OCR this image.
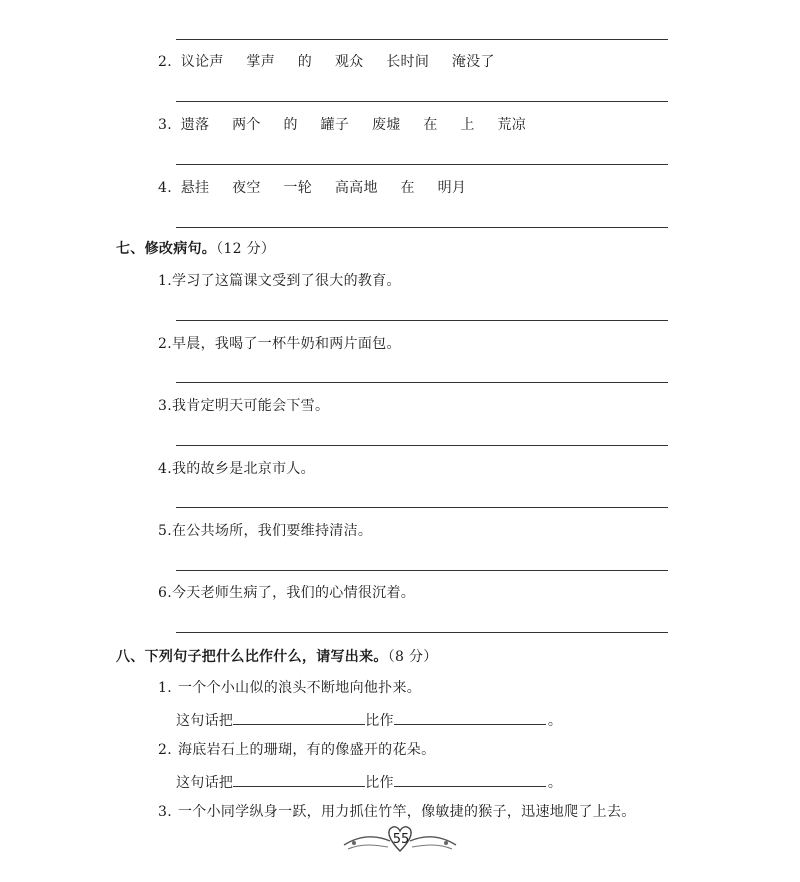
2. 议论声 掌声 的 观众 长时间 淹没了
3. 遗落 两个 的 罐子 废墟 在 上 荒凉
4. 悬挂 夜空 一轮 高高地 在 明月
七、修改病句。（12 分）
1.学习了这篇课文受到了很大的教育。
2.早晨，我喝了一杯牛奶和两片面包。
3.我肯定明天可能会下雪。
4.我的故乡是北京市人。
5.在公共场所，我们要维持清洁。
6.今天老师生病了，我们的心情很沉着。
八、下列句子把什么比作什么，请写出来。（8 分）
1. 一个个小山似的浪头不断地向他扑来。
这句话把	比作	。
2. 海底岩石上的珊瑚，有的像盛开的花朵。
这句话把	比作	。
3. 一个小同学纵身一跃，用力抓住竹竿，像敏捷的猴子，迅速地爬了上去。
55
